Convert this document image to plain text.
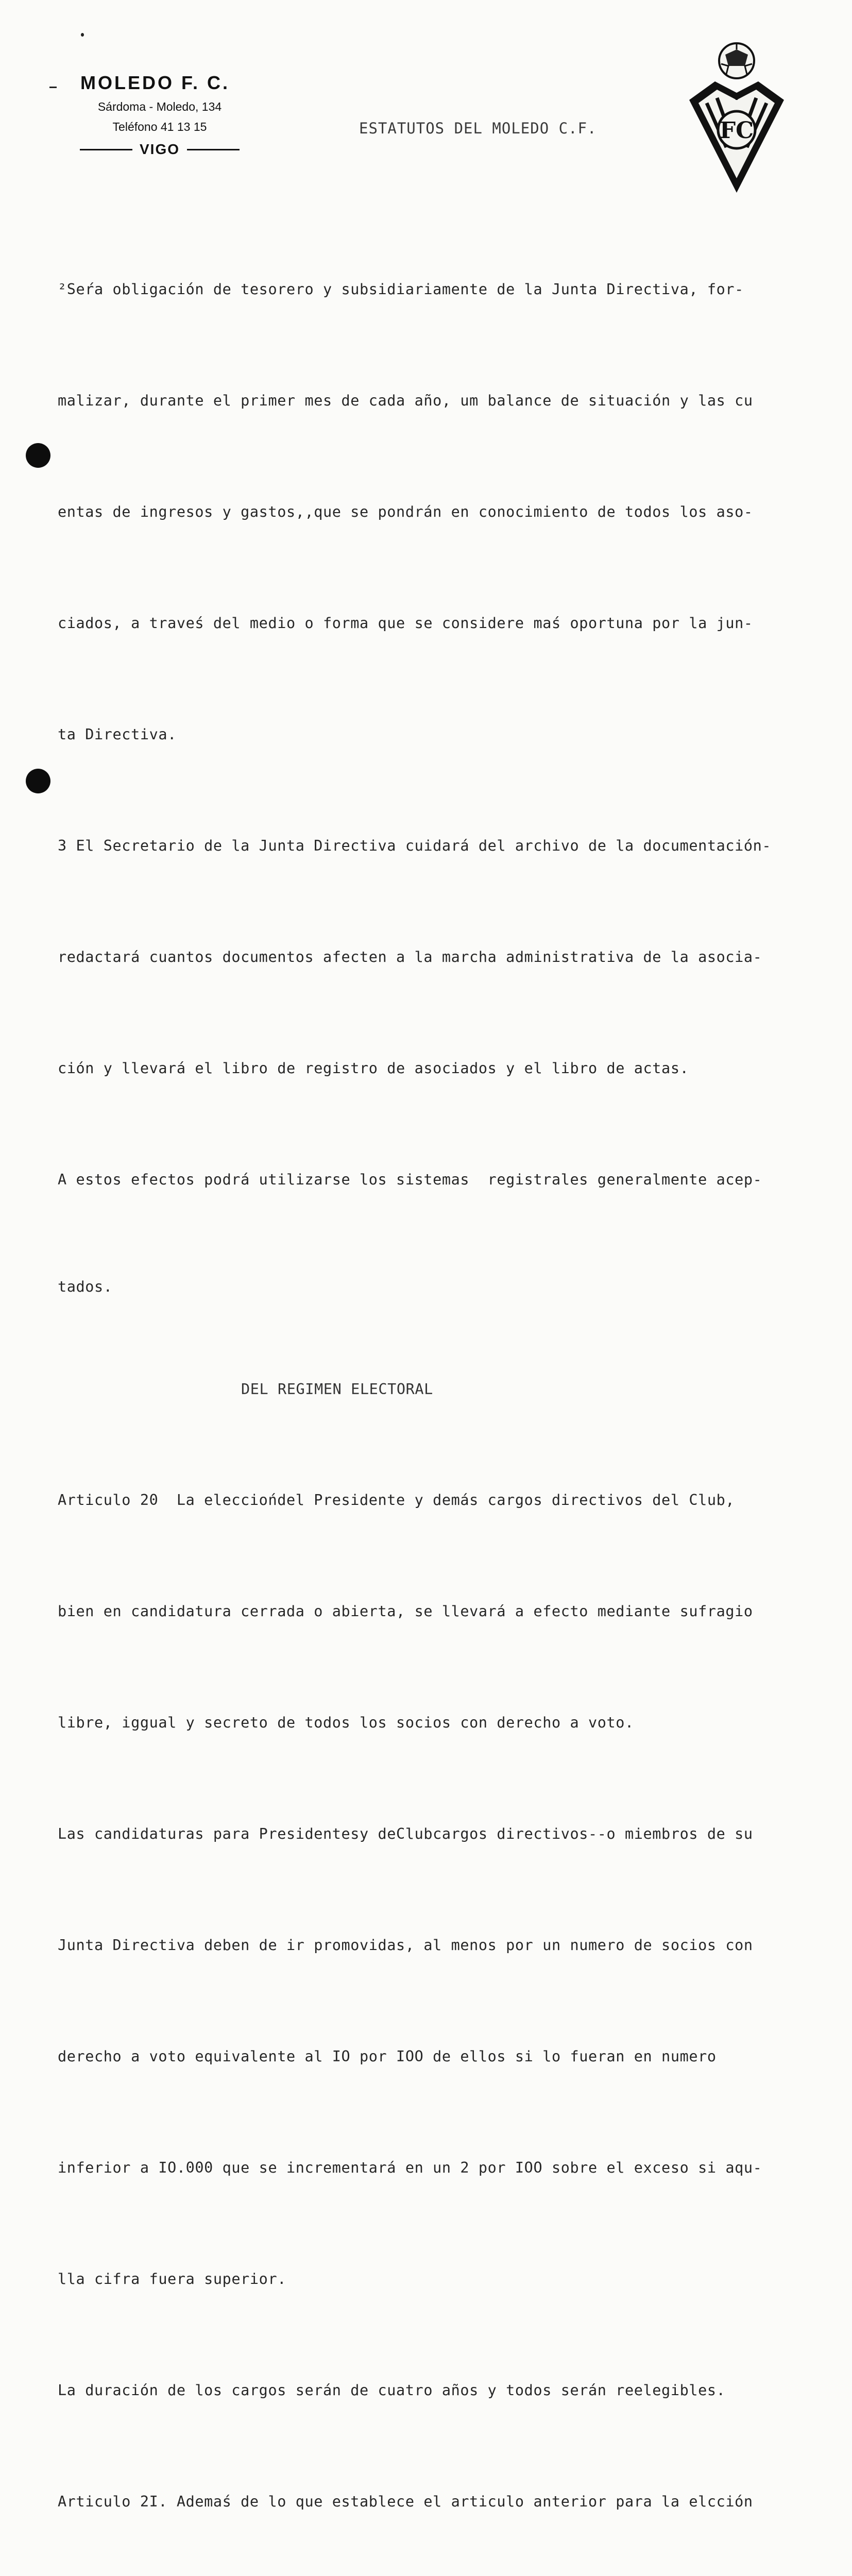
MOLEDO F. C.
Sárdoma - Moledo, 134
Teléfono 41 13 15
VIGO
ESTATUTOS DEL MOLEDO C.F.	FC

²Seŕa obligación de tesorero y subsidiariamente de la Junta Directiva, for-

malizar, durante el primer mes de cada año, um balance de situación y las cu

entas de ingresos y gastos,,que se pondrán en conocimiento de todos los aso-

ciados, a traveś del medio o forma que se considere maś oportuna por la jun-

ta Directiva.

3 El Secretario de la Junta Directiva cuidará del archivo de la documentación-

redactará cuantos documentos afecten a la marcha administrativa de la asocia-

ción y llevará el libro de registro de asociados y el libro de actas.

A estos efectos podrá utilizarse los sistemas  registrales generalmente acep-

tados.

DEL REGIMEN ELECTORAL

Articulo 20  La elecciońdel Presidente y demás cargos directivos del Club,

bien en candidatura cerrada o abierta, se llevará a efecto mediante sufragio

libre, iggual y secreto de todos los socios con derecho a voto.

Las candidaturas para Presidentesy deClubcargos directivos--o miembros de su

Junta Directiva deben de ir promovidas, al menos por un numero de socios con

derecho a voto equivalente al IO por IOO de ellos si lo fueran en numero

inferior a IO.000 que se incrementará en un 2 por IOO sobre el exceso si aqu-

lla cifra fuera superior.

La duración de los cargos serán de cuatro años y todos serán reelegibles.

Articulo 2I. Ademaś de lo que establece el articulo anterior para la elcción
